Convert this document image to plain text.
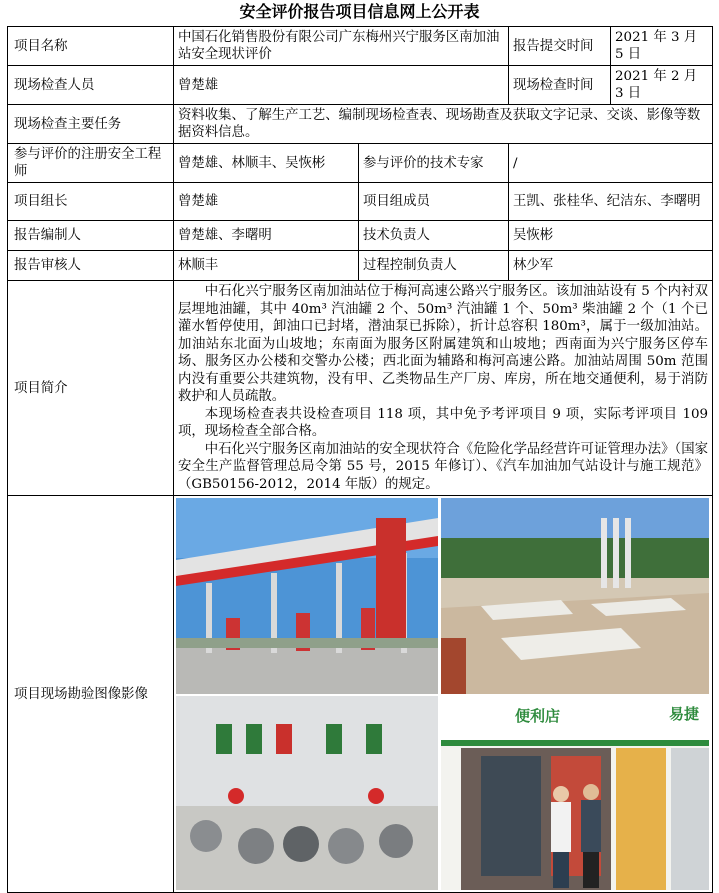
安全评价报告项目信息网上公开表
项目名称	中国石化销售股份有限公司广东梅州兴宁服务区南加油站安全现状评价		报告提交时间	2021 年 3 月 5 日
现场检查人员	曾楚雄		现场检查时间	2021 年 2 月 3 日
现场检查主要任务	资料收集、了解生产工艺、编制现场检查表、现场勘查及获取文字记录、交谈、影像等数据资料信息。			
参与评价的注册安全工程师	曾楚雄、林顺丰、吴恢彬	参与评价的技术专家	/	
项目组长	曾楚雄	项目组成员	王凯、张桂华、纪洁东、李曙明	
报告编制人	曾楚雄、李曙明	技术负责人	吴恢彬	
报告审核人	林顺丰	过程控制负责人	林少军	
项目简介	中石化兴宁服务区南加油站位于梅河高速公路兴宁服务区。该加油站设有 5 个内衬双层埋地油罐，其中 40m³ 汽油罐 2 个、50m³ 汽油罐 1 个、50m³ 柴油罐 2 个（1 个已灌水暂停使用，卸油口已封堵，潜油泵已拆除），折计总容积 180m³，属于一级加油站。加油站东北面为山坡地；东南面为服务区附属建筑和山坡地；西南面为兴宁服务区停车场、服务区办公楼和交警办公楼；西北面为辅路和梅河高速公路。加油站周围 50m 范围内没有重要公共建筑物，没有甲、乙类物品生产厂房、库房，所在地交通便利，易于消防救护和人员疏散。

本现场检查表共设检查项目 118 项，其中免予考评项目 9 项，实际考评项目 109 项，现场检查全部合格。

中石化兴宁服务区南加油站的安全现状符合《危险化学品经营许可证管理办法》（国家安全生产监督管理总局令第 55 号，2015 年修订）、《汽车加油加气站设计与施工规范》（GB50156-2012，2014 年版）的规定。			

项目现场勘验图像影像	便利店 易捷			
